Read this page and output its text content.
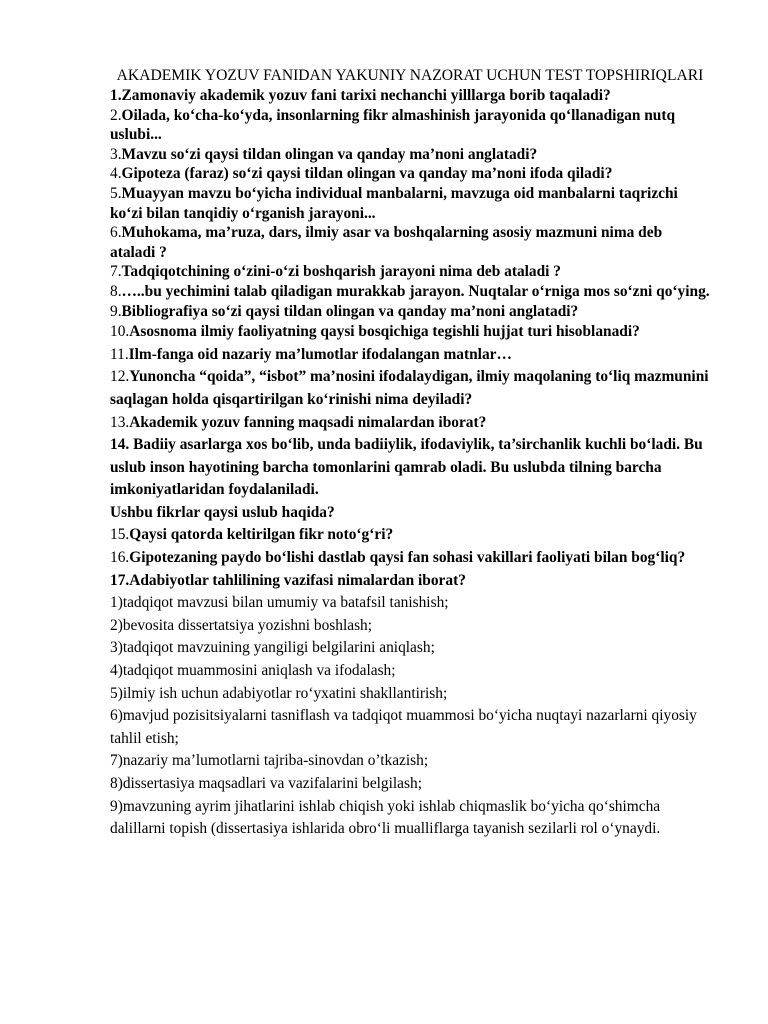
AKADEMIK YOZUV FANIDAN YAKUNIY NAZORAT UCHUN TEST TOPSHIRIQLARI
1.Zamonaviy akademik yozuv fani tarixi nechanchi yilllarga borib taqaladi?
2.Oilada, ko‘cha-ko‘yda, insonlarning fikr almashinish jarayonida qo‘llanadigan nutq uslubi...
3.Mavzu so‘zi qaysi tildan olingan va qanday ma’noni anglatadi?
4.Gipoteza (faraz) so‘zi qaysi tildan olingan va qanday ma’noni ifoda qiladi?
5.Muayyan mavzu bo‘yicha individual manbalarni, mavzuga oid manbalarni taqrizchi ko‘zi bilan tanqidiy o‘rganish jarayoni...
6.Muhokama, ma’ruza, dars, ilmiy asar va boshqalarning asosiy mazmuni nima deb ataladi ?
7.Tadqiqotchining o‘zini-o‘zi boshqarish jarayoni nima deb ataladi ?
8.…..bu yechimini talab qiladigan murakkab jarayon. Nuqtalar o‘rniga mos so‘zni qo‘ying.
9.Bibliografiya so‘zi qaysi tildan olingan va qanday ma’noni anglatadi?
10.Asosnoma ilmiy faoliyatning qaysi bosqichiga tegishli hujjat turi hisoblanadi?
11.Ilm-fanga oid nazariy ma’lumotlar ifodalangan matnlar…
12.Yunoncha “qoida”, “isbot” ma’nosini ifodalaydigan, ilmiy maqolaning to‘liq mazmunini saqlagan holda qisqartirilgan ko‘rinishi nima deyiladi?
13.Akademik yozuv fanning maqsadi nimalardan iborat?
14. Badiiy asarlarga xos bo‘lib, unda badiiylik, ifodaviylik, ta’sirchanlik kuchli bo‘ladi. Bu uslub inson hayotining barcha tomonlarini qamrab oladi. Bu uslubda tilning barcha imkoniyatlaridan foydalaniladi.
Ushbu fikrlar qaysi uslub haqida?
15.Qaysi qatorda keltirilgan fikr noto‘g‘ri?
16.Gipotezaning paydo bo‘lishi dastlab qaysi fan sohasi vakillari faoliyati bilan bog‘liq?
17.Adabiyotlar tahlilining vazifasi nimalardan iborat?
1)tadqiqot mavzusi bilan umumiy va batafsil tanishish;
2)bevosita dissertatsiya yozishni boshlash;
3)tadqiqot mavzuining yangiligi belgilarini aniqlash;
4)tadqiqot muammosini aniqlash va ifodalash;
5)ilmiy ish uchun adabiyotlar ro‘yxatini shakllantirish;
6)mavjud pozisitsiyalarni tasniflash va tadqiqot muammosi bo‘yicha nuqtayi nazarlarni qiyosiy tahlil etish;
7)nazariy ma’lumotlarni tajriba-sinovdan o’tkazish;
8)dissertasiya maqsadlari va vazifalarini belgilash;
9)mavzuning ayrim jihatlarini ishlab chiqish yoki ishlab chiqmaslik bo‘yicha qo‘shimcha dalillarni topish (dissertasiya ishlarida obro‘li mualliflarga tayanish sezilarli rol o‘ynaydi.
